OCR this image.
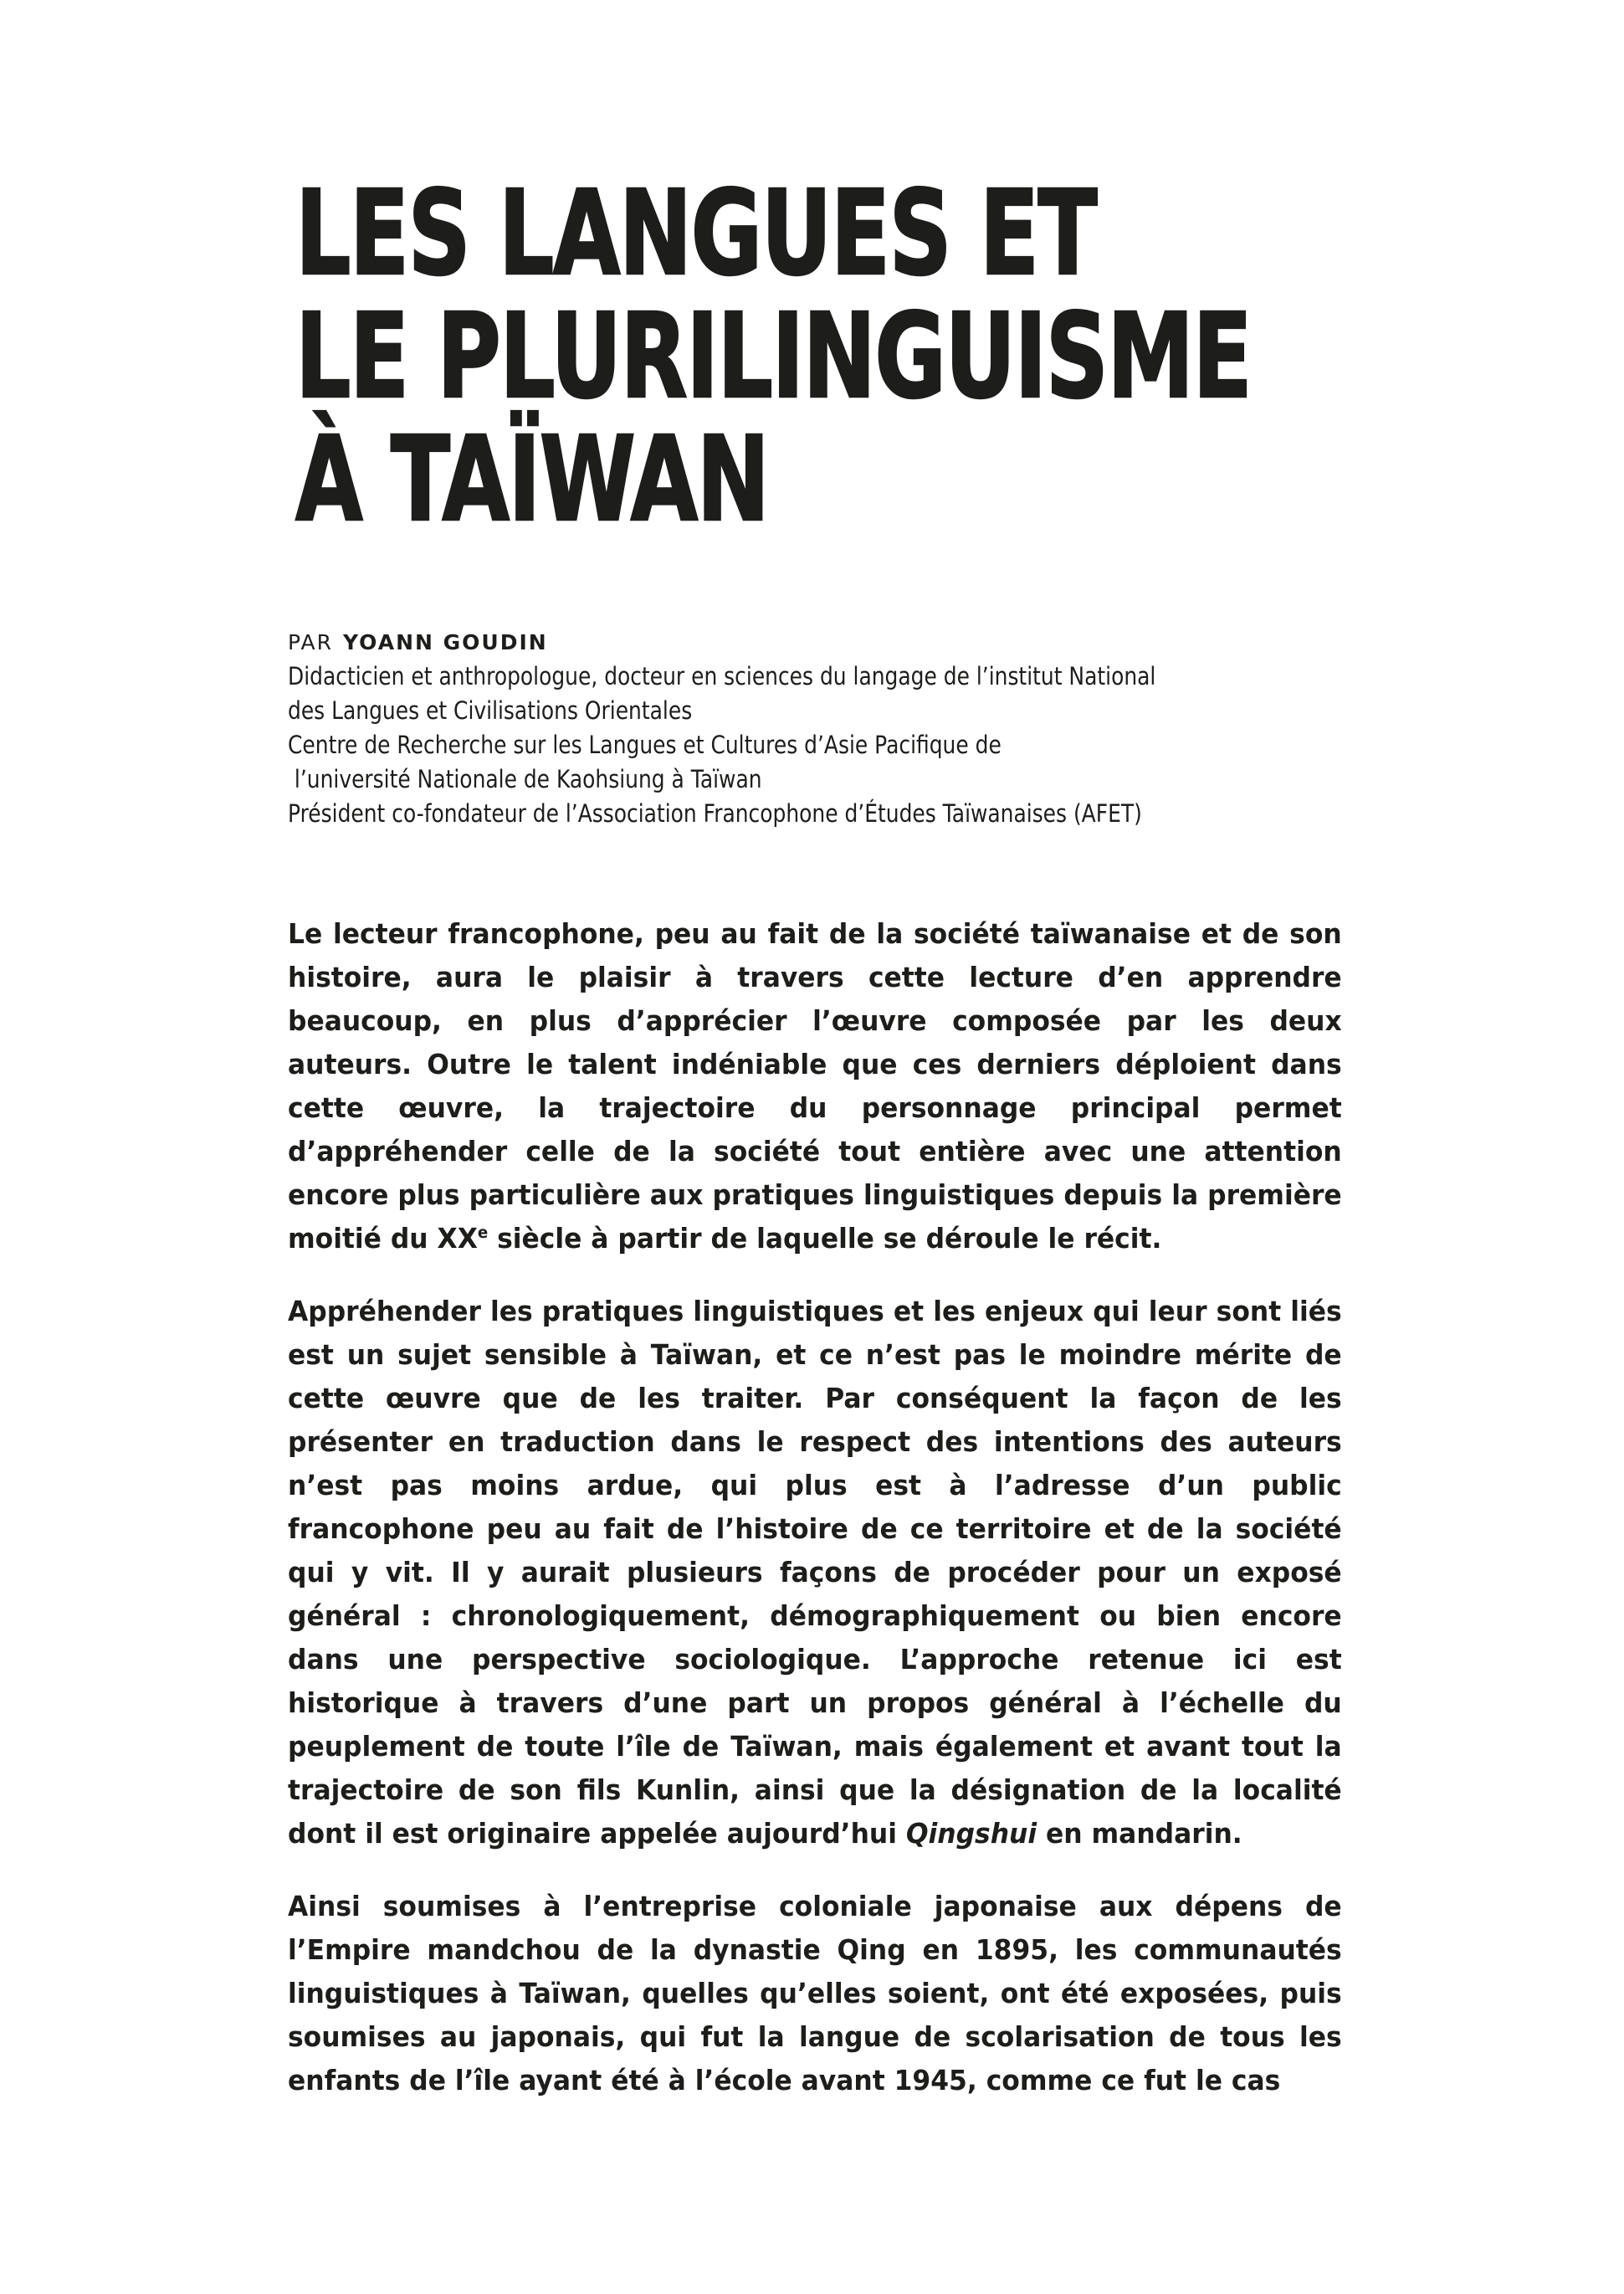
LES LANGUES ET
LE PLURILINGUISME
À TAÏWAN
PAR YOANN GOUDIN
Didacticien et anthropologue, docteur en sciences du langage de l’institut National
des Langues et Civilisations Orientales
Centre de Recherche sur les Langues et Cultures d’Asie Pacifique de
l’université Nationale de Kaohsiung à Taïwan
Président co-fondateur de l’Association Francophone d’Études Taïwanaises (AFET)

Le lecteur francophone, peu au fait de la société taïwanaise et de son histoire, aura le plaisir à travers cette lecture d’en apprendre beaucoup, en plus d’apprécier l’œuvre composée par les deux auteurs. Outre le talent indéniable que ces derniers déploient dans cette œuvre, la trajectoire du personnage principal permet d’appréhender celle de la société tout entière avec une attention encore plus particulière aux pratiques linguistiques depuis la première moitié du XXe siècle à partir de laquelle se déroule le récit.

Appréhender les pratiques linguistiques et les enjeux qui leur sont liés est un sujet sensible à Taïwan, et ce n’est pas le moindre mérite de cette œuvre que de les traiter. Par conséquent la façon de les présenter en traduction dans le respect des intentions des auteurs n’est pas moins ardue, qui plus est à l’adresse d’un public francophone peu au fait de l’histoire de ce territoire et de la société qui y vit. Il y aurait plusieurs façons de procéder pour un exposé général : chronologiquement, démographiquement ou bien encore dans une perspective sociologique. L’approche retenue ici est historique à travers d’une part un propos général à l’échelle du peuplement de toute l’île de Taïwan, mais également et avant tout la trajectoire de son fils Kunlin, ainsi que la désignation de la localité dont il est originaire appelée aujourd’hui Qingshui en mandarin.

Ainsi soumises à l’entreprise coloniale japonaise aux dépens de l’Empire mandchou de la dynastie Qing en 1895, les communautés linguistiques à Taïwan, quelles qu’elles soient, ont été exposées, puis soumises au japonais, qui fut la langue de scolarisation de tous les enfants de l’île ayant été à l’école avant 1945, comme ce fut le cas
